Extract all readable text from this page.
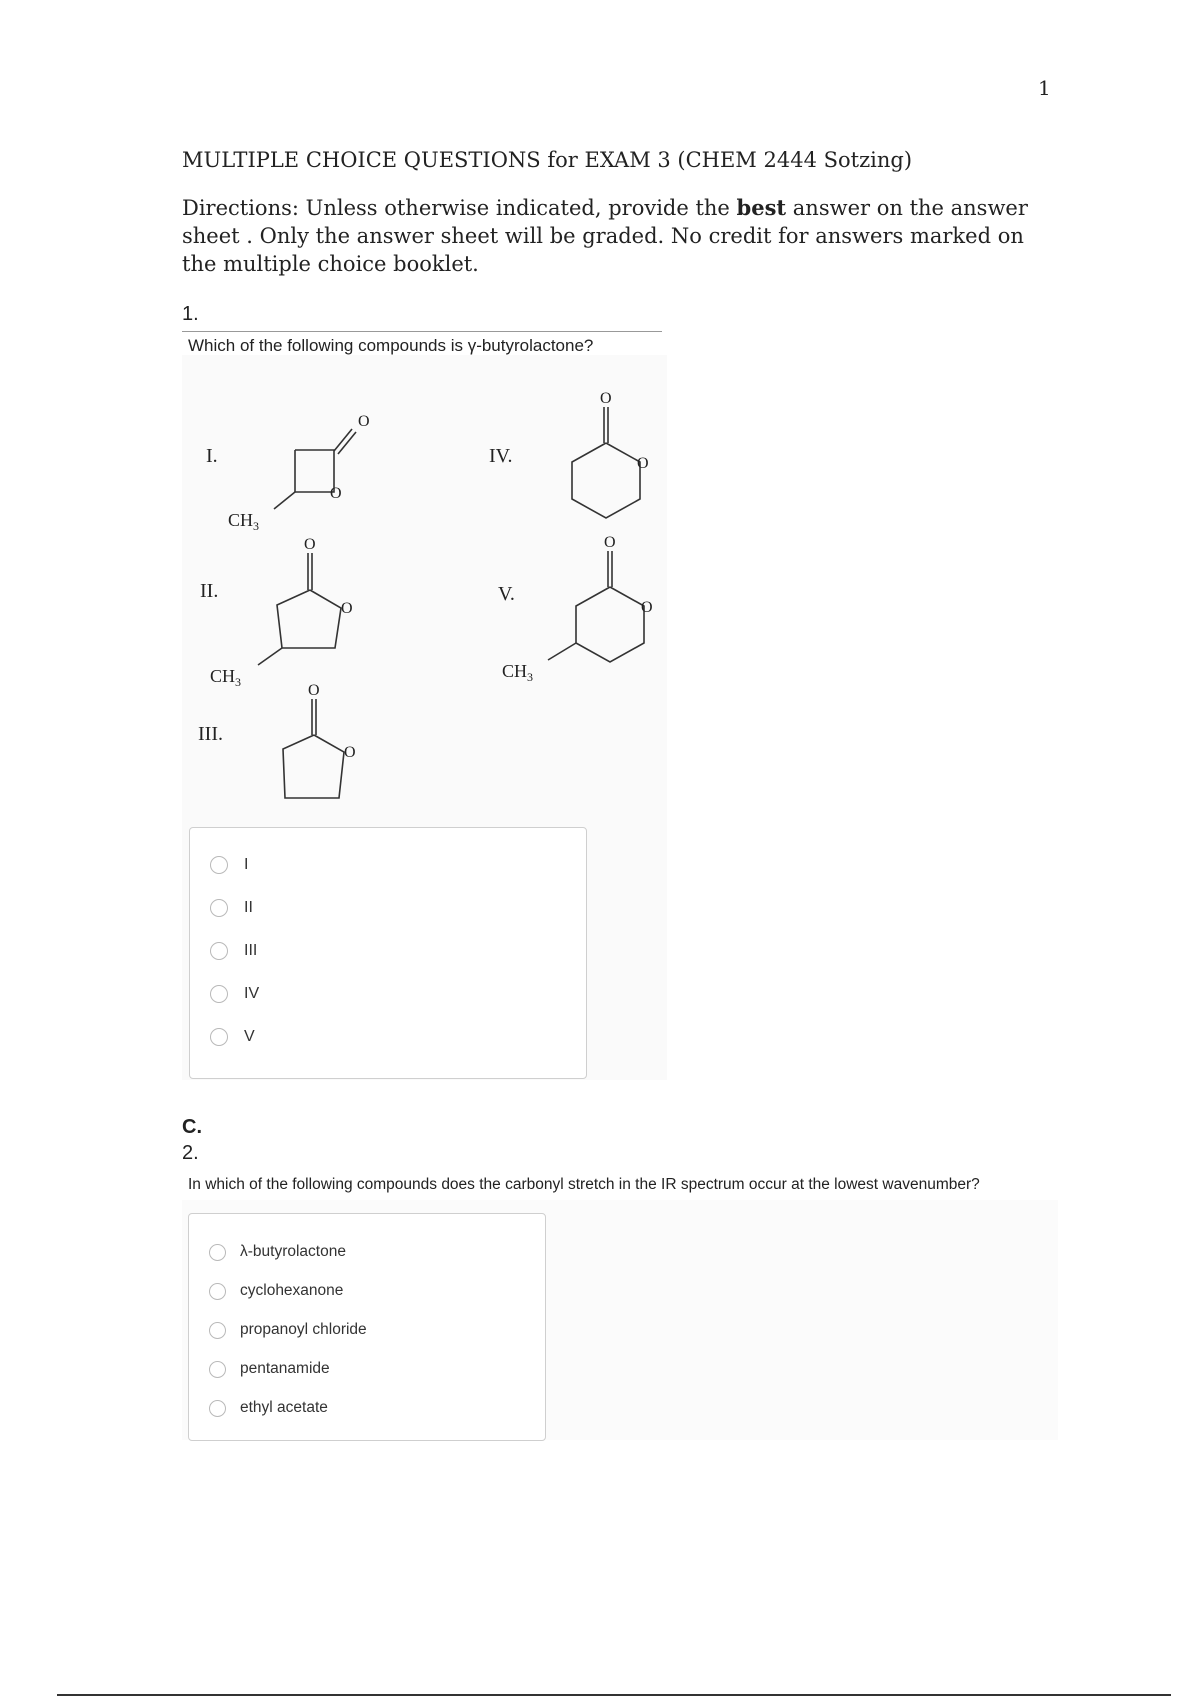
1
MULTIPLE CHOICE QUESTIONS for EXAM 3 (CHEM 2444 Sotzing)
Directions: Unless otherwise indicated, provide the best answer on the answer sheet . Only the answer sheet will be graded. No credit for answers marked on the multiple choice booklet.
1.
Which of the following compounds is γ-butyrolactone?
I.
II.
III.
IV.
V.
O
O
$CH_3$
O
O
$CH_3$	O
O
O
O
O
O
$CH_3$
I
II
III
IV
V
C.
2.
In which of the following compounds does the carbonyl stretch in the IR spectrum occur at the lowest wavenumber?
λ-butyrolactone
cyclohexanone
propanoyl chloride
pentanamide
ethyl acetate
